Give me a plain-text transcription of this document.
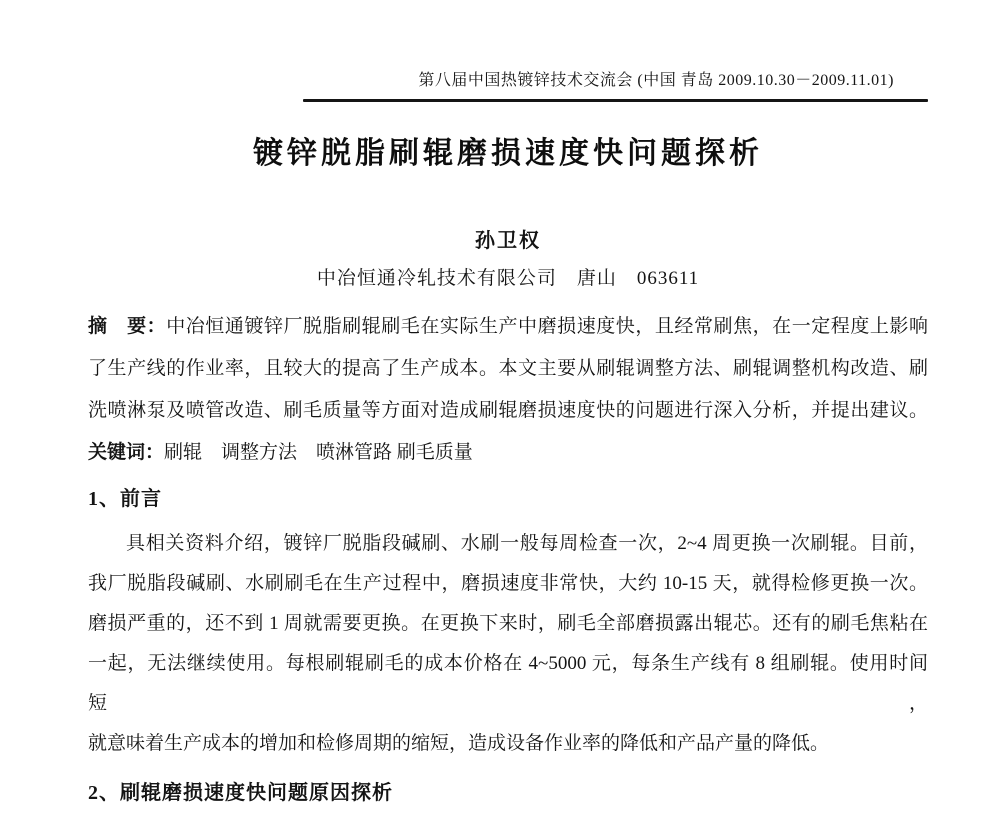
第八届中国热镀锌技术交流会 (中国 青岛 2009.10.30－2009.11.01)
镀锌脱脂刷辊磨损速度快问题探析
孙卫权
中冶恒通冷轧技术有限公司　唐山　063611
摘　要：中冶恒通镀锌厂脱脂刷辊刷毛在实际生产中磨损速度快，且经常刷焦，在一定程度上影响
了生产线的作业率，且较大的提高了生产成本。本文主要从刷辊调整方法、刷辊调整机构改造、刷
洗喷淋泵及喷管改造、刷毛质量等方面对造成刷辊磨损速度快的问题进行深入分析，并提出建议。
关键词：刷辊　调整方法　喷淋管路 刷毛质量
1、前言
具相关资料介绍，镀锌厂脱脂段碱刷、水刷一般每周检查一次，2~4 周更换一次刷辊。目前，
我厂脱脂段碱刷、水刷刷毛在生产过程中，磨损速度非常快，大约 10-15 天，就得检修更换一次。
磨损严重的，还不到 1 周就需要更换。在更换下来时，刷毛全部磨损露出辊芯。还有的刷毛焦粘在
一起，无法继续使用。每根刷辊刷毛的成本价格在 4~5000 元，每条生产线有 8 组刷辊。使用时间短，
就意味着生产成本的增加和检修周期的缩短，造成设备作业率的降低和产品产量的降低。
2、刷辊磨损速度快问题原因探析
